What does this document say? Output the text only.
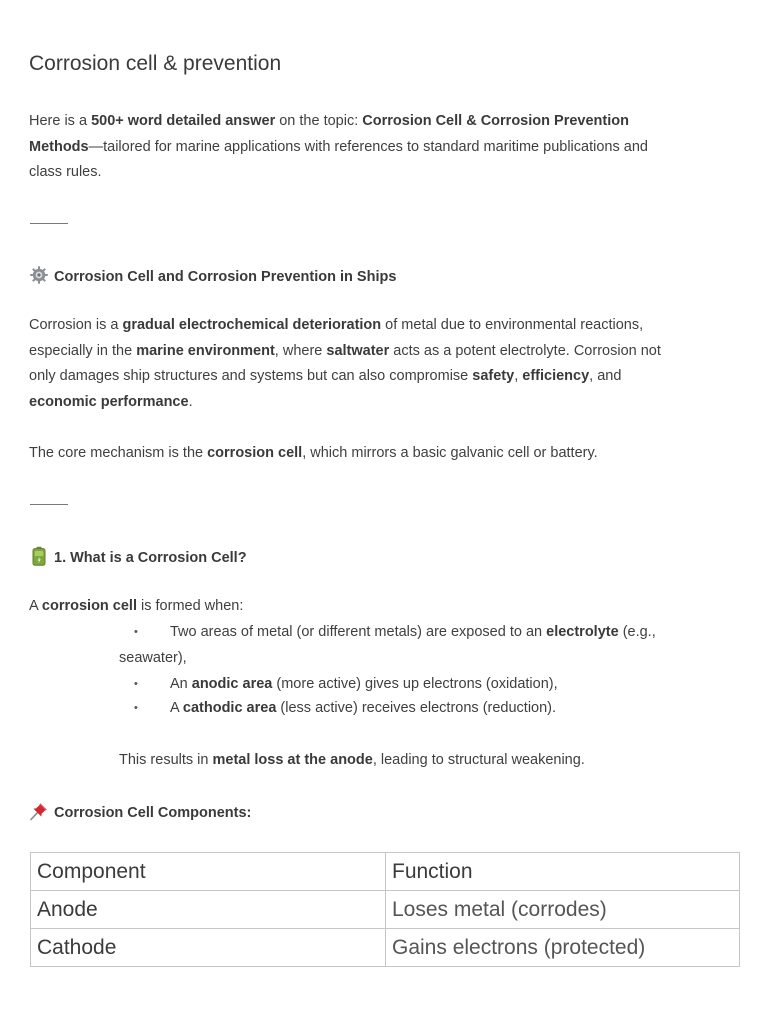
Corrosion cell & prevention

Here is a 500+ word detailed answer on the topic: Corrosion Cell & Corrosion Prevention
Methods—tailored for marine applications with references to standard maritime publications and
class rules.

Corrosion Cell and Corrosion Prevention in Ships

Corrosion is a gradual electrochemical deterioration of metal due to environmental reactions,
especially in the marine environment, where saltwater acts as a potent electrolyte. Corrosion not
only damages ship structures and systems but can also compromise safety, efficiency, and
economic performance.

The core mechanism is the corrosion cell, which mirrors a basic galvanic cell or battery.

1. What is a Corrosion Cell?

A corrosion cell is formed when:

• Two areas of metal (or different metals) are exposed to an electrolyte (e.g.,

seawater),

• An anodic area (more active) gives up electrons (oxidation),

• A cathodic area (less active) receives electrons (reduction).

This results in metal loss at the anode, leading to structural weakening.

Corrosion Cell Components:
Component	Function
Anode	Loses metal (corrodes)
Cathode	Gains electrons (protected)
